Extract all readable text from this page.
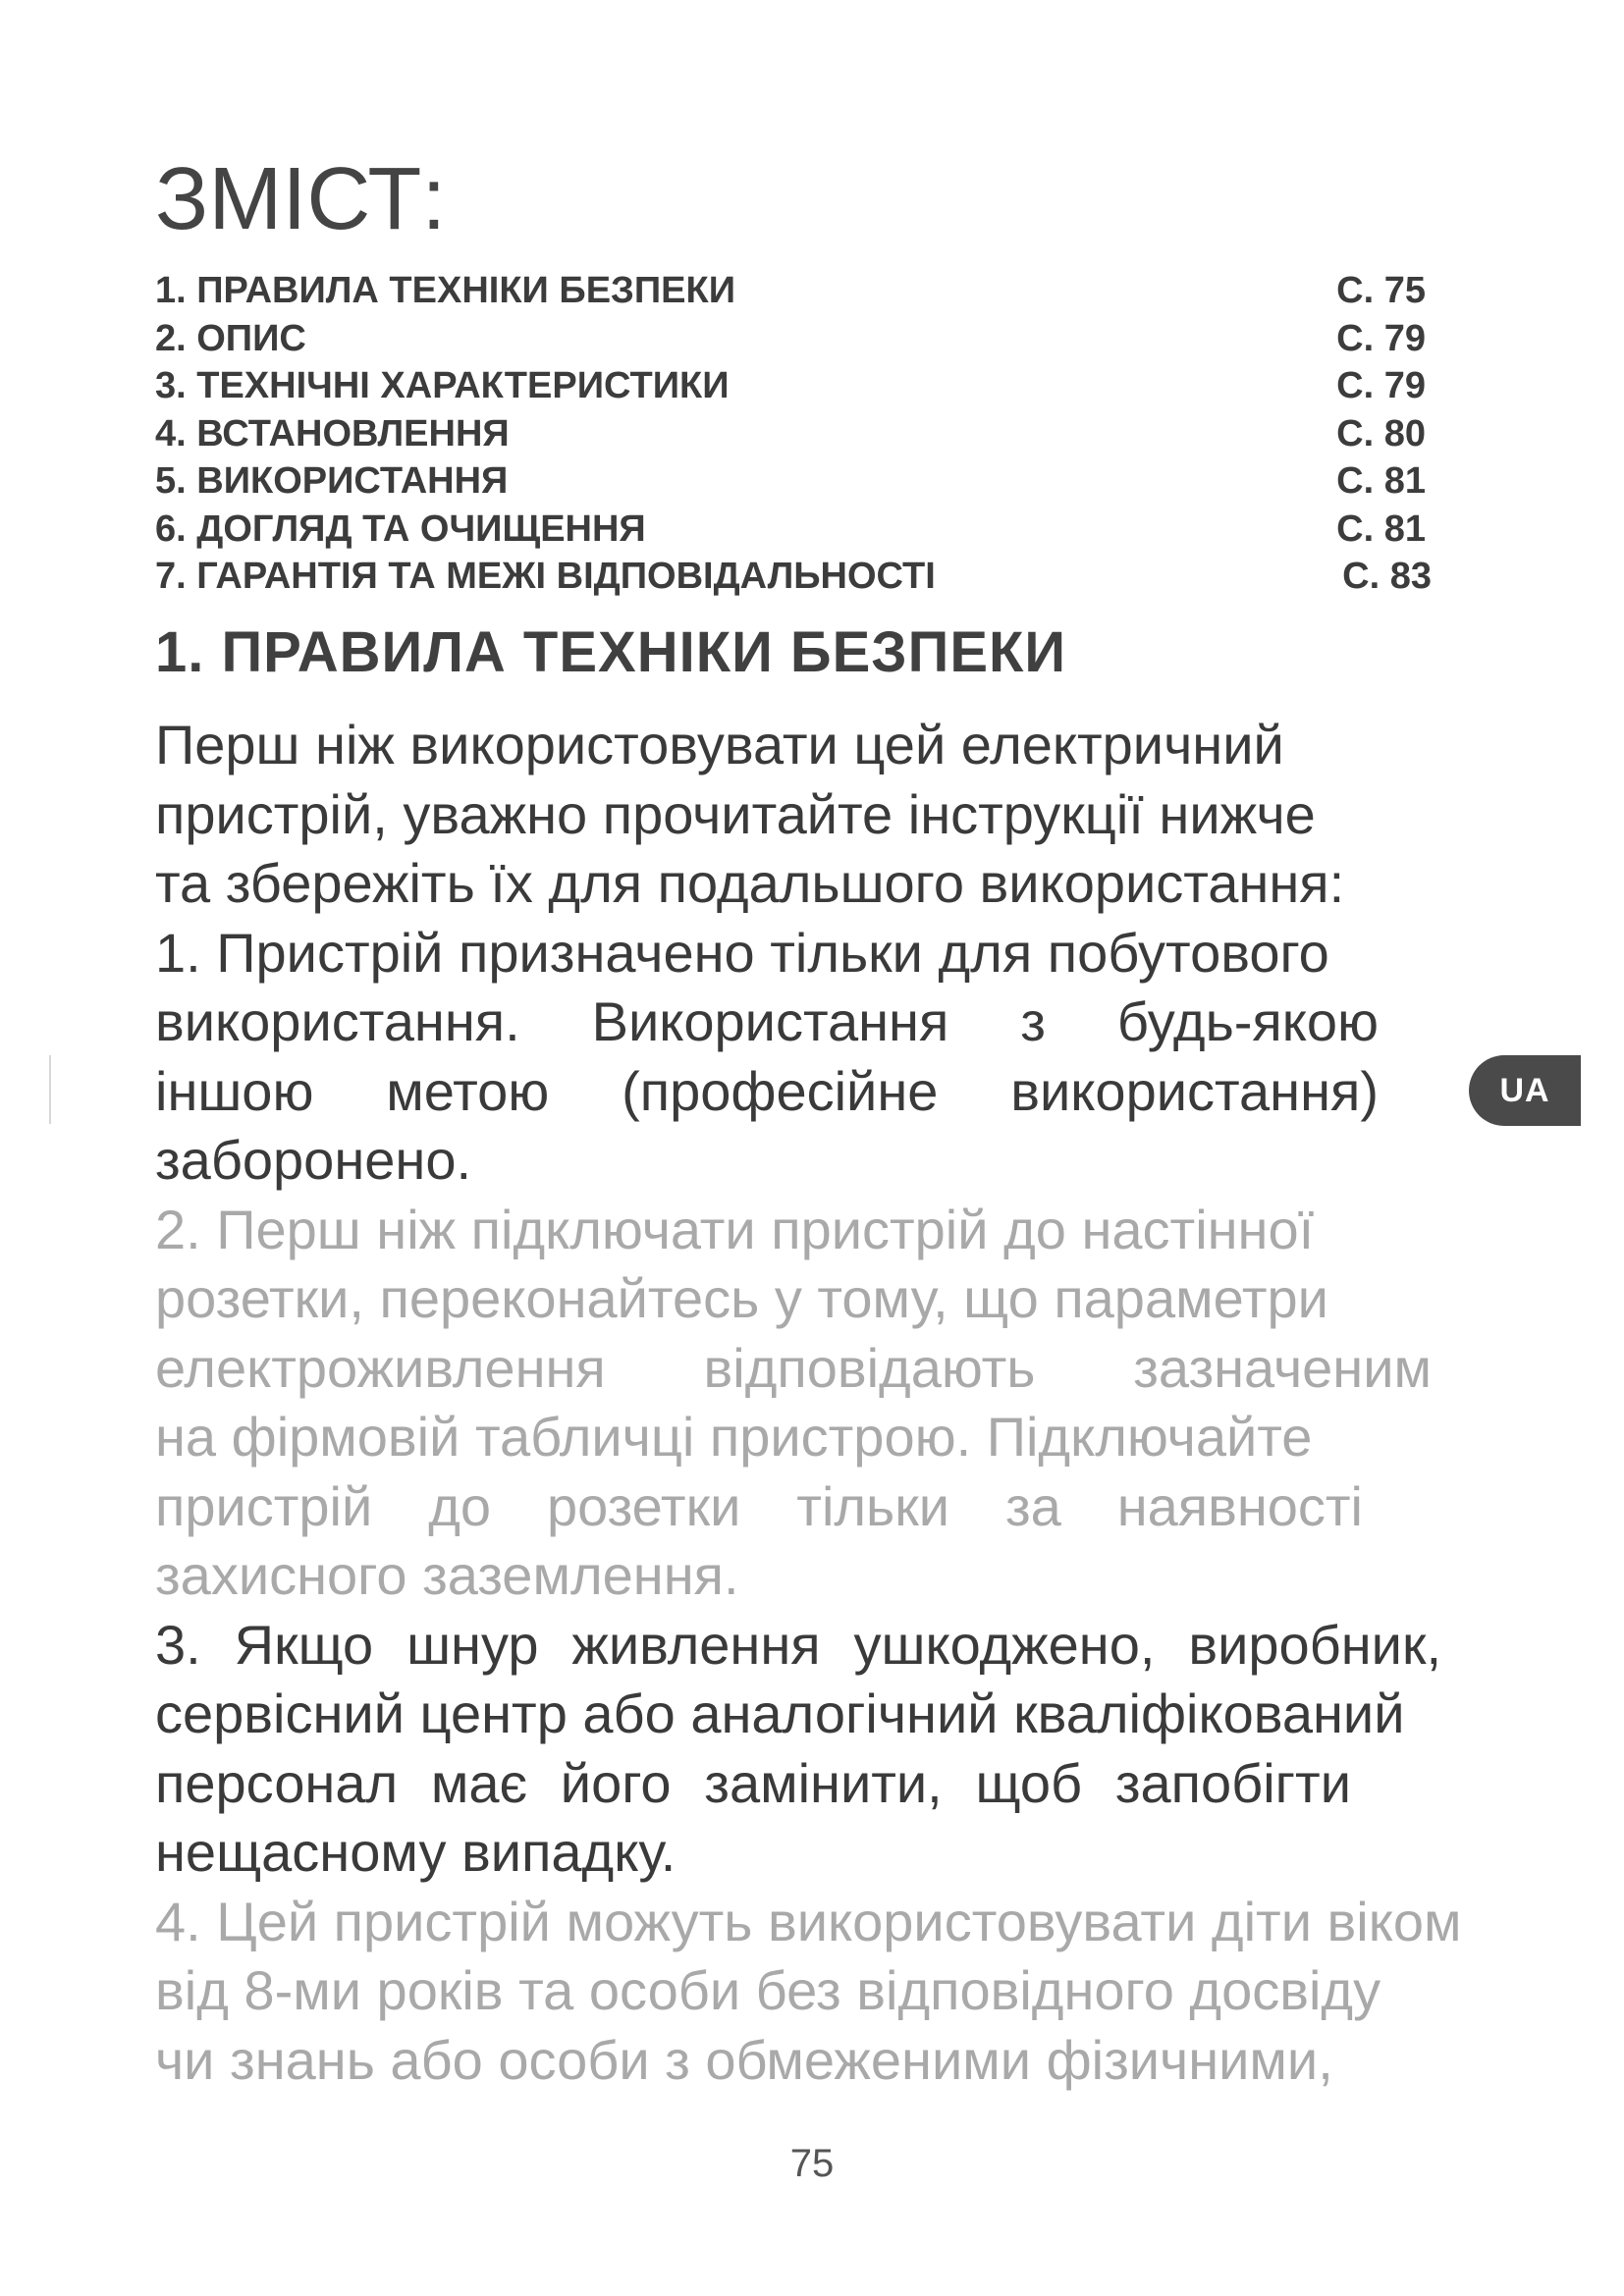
ЗМІСТ:
1. ПРАВИЛА ТЕХНІКИ БЕЗПЕКИ	С. 75
2. ОПИС	С. 79
3. ТЕХНІЧНІ ХАРАКТЕРИСТИКИ	С. 79
4. ВСТАНОВЛЕННЯ	С. 80
5. ВИКОРИСТАННЯ	С. 81
6. ДОГЛЯД ТА ОЧИЩЕННЯ	С. 81
7. ГАРАНТІЯ ТА МЕЖІ ВІДПОВІДАЛЬНОСТІ	С. 83
1. ПРАВИЛА ТЕХНІКИ БЕЗПЕКИ

Перш ніж використовувати цей електричний
пристрій, уважно прочитайте інструкції нижче
та збережіть їх для подальшого використання:

1. Пристрій призначено тільки для побутового
використання. Використання з будь-якою
іншою метою (професійне використання)
заборонено.

2. Перш ніж підключати пристрій до настінної
розетки, переконайтесь у тому, що параметри
електроживлення відповідають зазначеним
на фірмовій табличці пристрою. Підключайте
пристрій до розетки тільки за наявності
захисного заземлення.

3. Якщо шнур живлення ушкоджено, виробник,
сервісний центр або аналогічний кваліфікований
персонал має його замінити, щоб запобігти
нещасному випадку.

4. Цей пристрій можуть використовувати діти віком
від 8-ми років та особи без відповідного досвіду
чи знань або особи з обмеженими фізичними,

UA
75
